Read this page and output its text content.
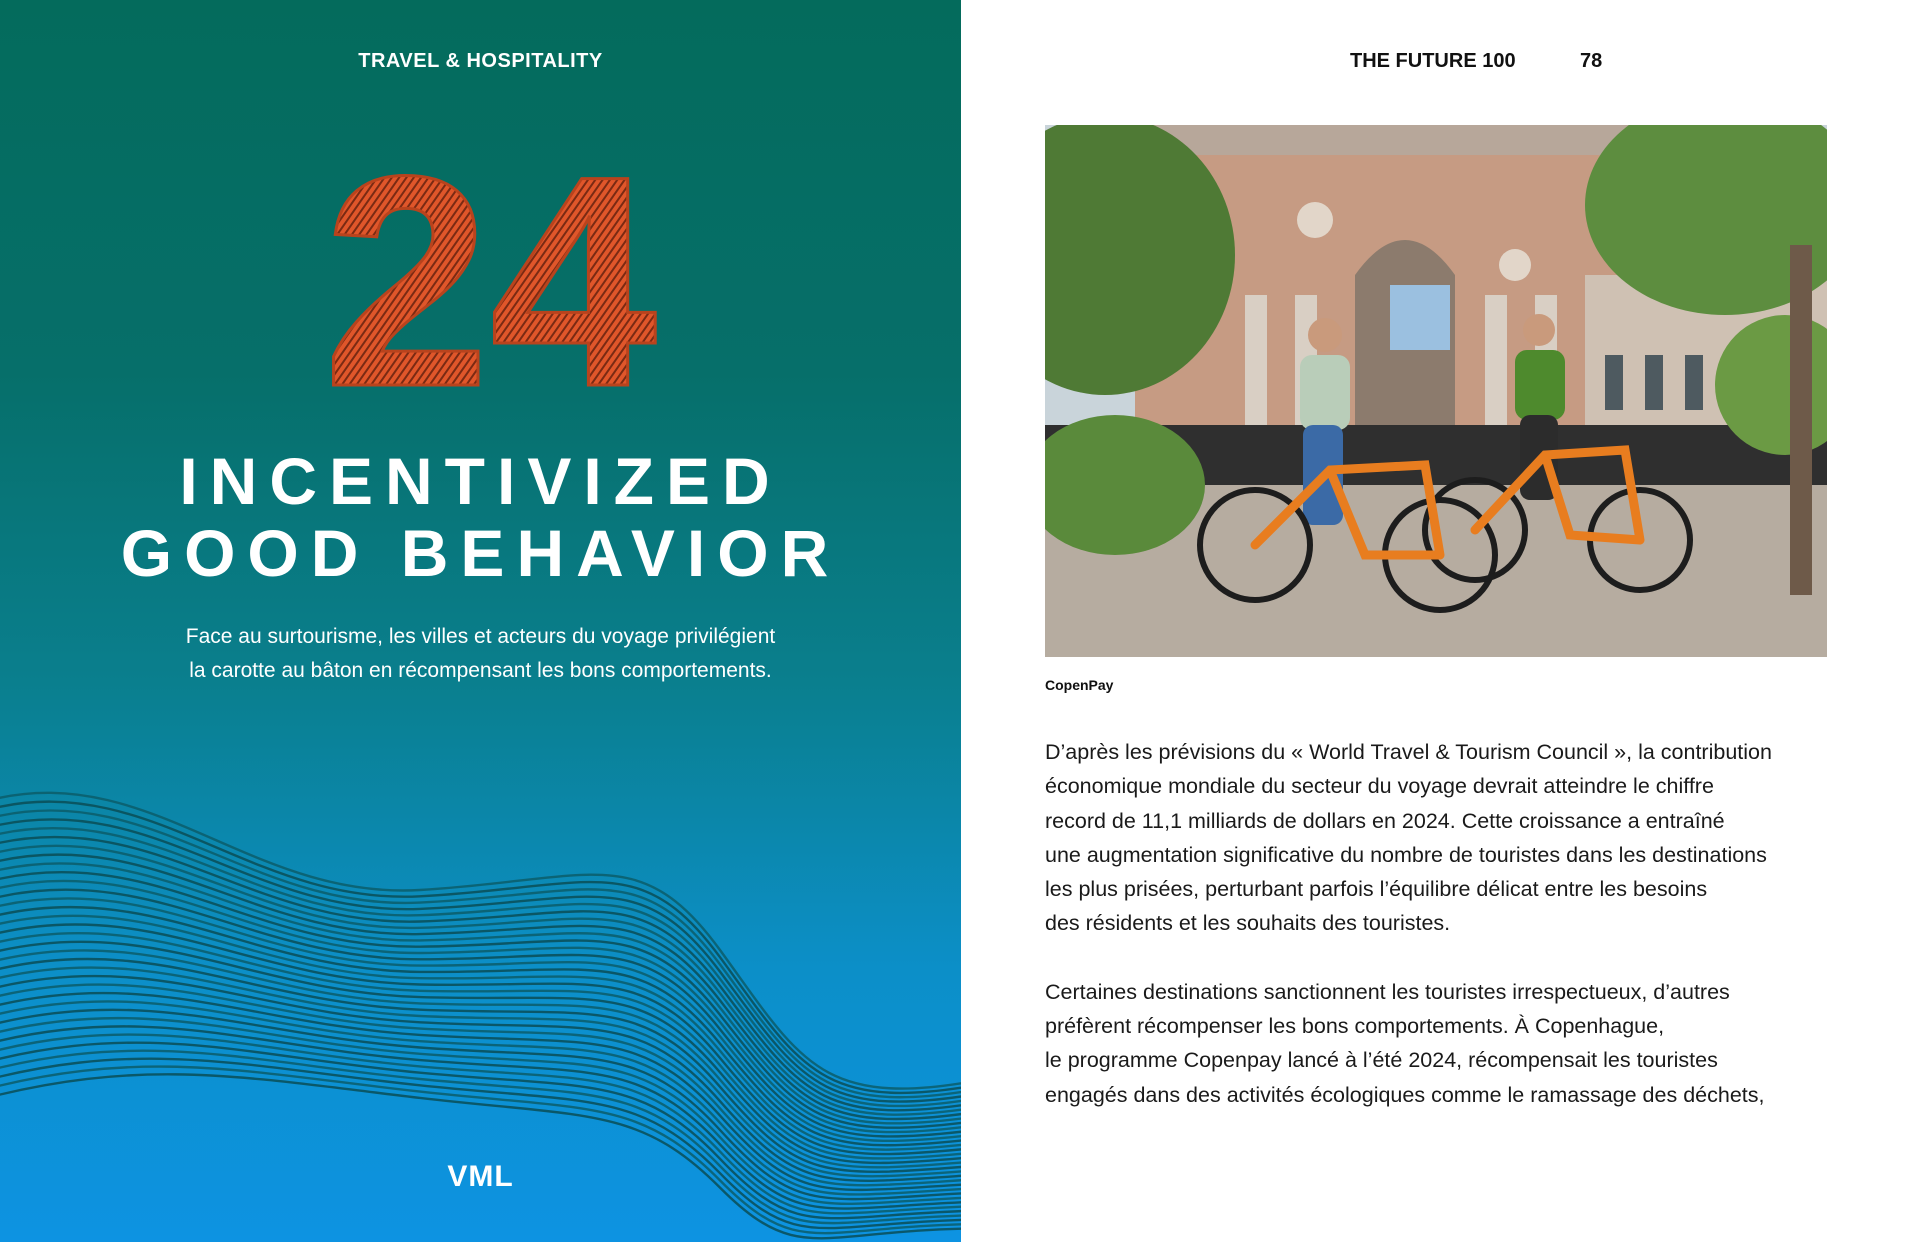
TRAVEL & HOSPITALITY
24
INCENTIVIZED
GOOD BEHAVIOR
Face au surtourisme, les villes et acteurs du voyage privilégient
la carotte au bâton en récompensant les bons comportements.
VML
THE FUTURE 100	78
CopenPay

D’après les prévisions du « World Travel & Tourism Council », la contribution
économique mondiale du secteur du voyage devrait atteindre le chiffre
record de 11,1 milliards de dollars en 2024. Cette croissance a entraîné
une augmentation significative du nombre de touristes dans les destinations
les plus prisées, perturbant parfois l’équilibre délicat entre les besoins
des résidents et les souhaits des touristes.

Certaines destinations sanctionnent les touristes irrespectueux, d’autres
préfèrent récompenser les bons comportements. À Copenhague,
le programme Copenpay lancé à l’été 2024, récompensait les touristes
engagés dans des activités écologiques comme le ramassage des déchets,
